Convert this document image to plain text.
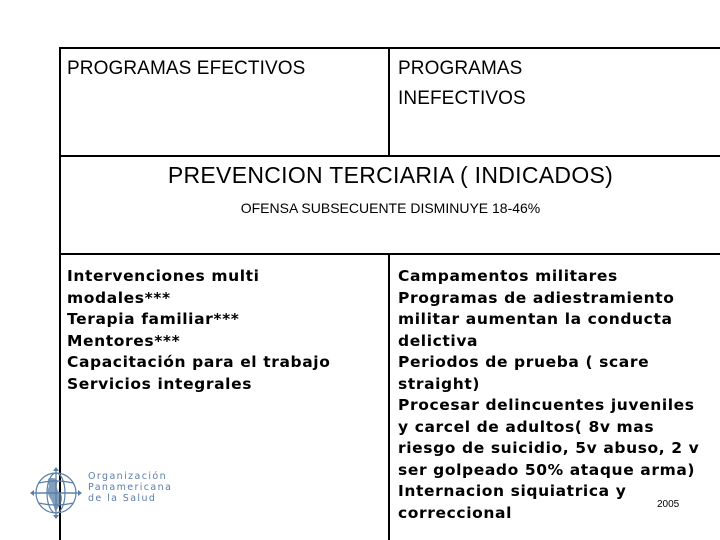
PROGRAMAS EFECTIVOS	PROGRAMAS
INEFECTIVOS
PREVENCION TERCIARIA ( INDICADOS)
OFENSA SUBSECUENTE DISMINUYE 18-46%
Intervenciones multi
modales***
Terapia familiar***
Mentores***
Capacitación para el trabajo
Servicios integrales
Campamentos militares
Programas de adiestramiento
militar aumentan la conducta
delictiva
Periodos de prueba ( scare
straight)
Procesar delincuentes juveniles
y carcel de adultos( 8v mas
riesgo de suicidio, 5v abuso, 2 v
ser golpeado 50% ataque arma)
Internacion siquiatrica y
correccional	2005
Organización
Panamericana
de la Salud
